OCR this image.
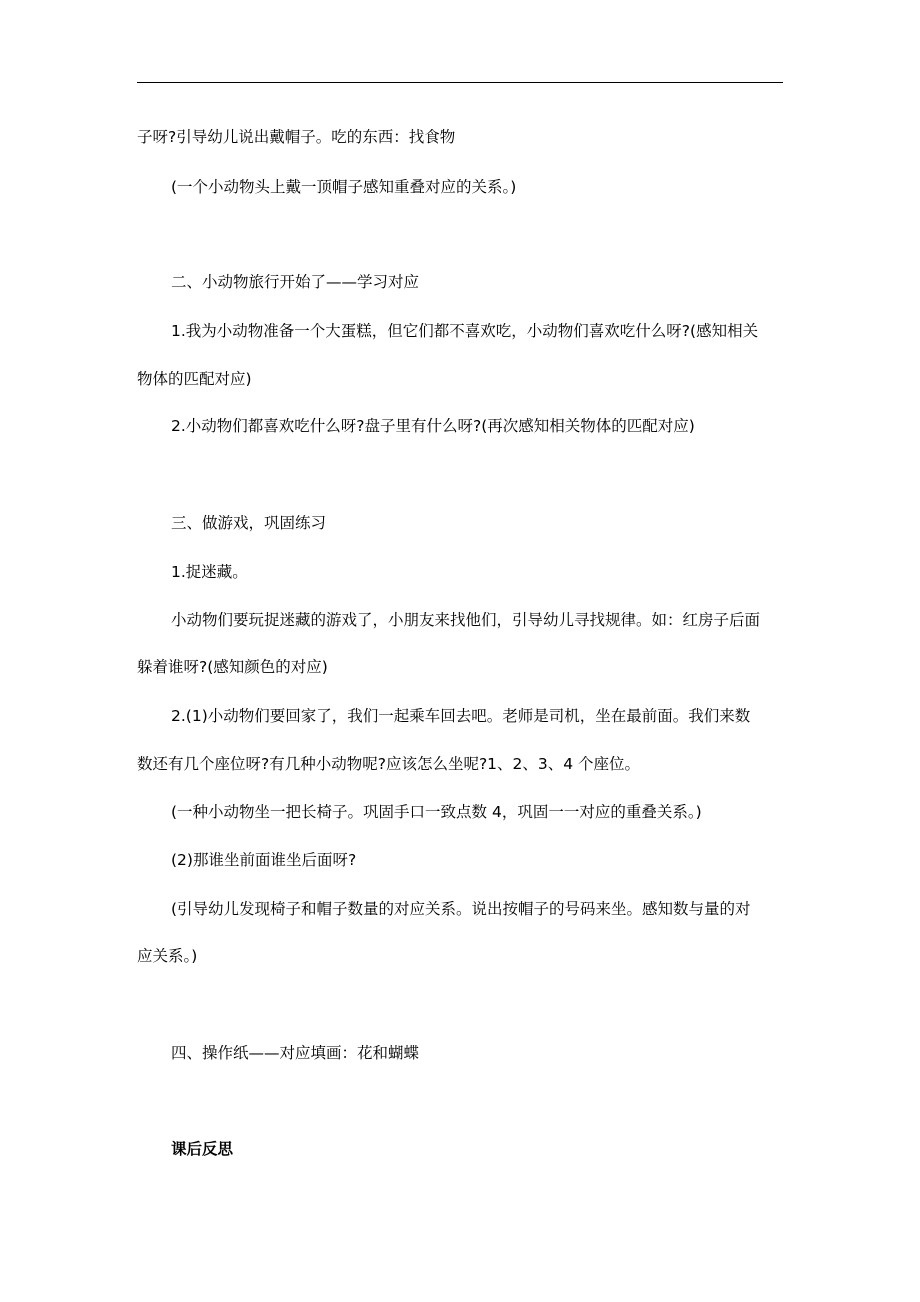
子呀?引导幼儿说出戴帽子。吃的东西：找食物
(一个小动物头上戴一顶帽子感知重叠对应的关系。)
二、小动物旅行开始了——学习对应
1.我为小动物准备一个大蛋糕，但它们都不喜欢吃，小动物们喜欢吃什么呀?(感知相关
物体的匹配对应)
2.小动物们都喜欢吃什么呀?盘子里有什么呀?(再次感知相关物体的匹配对应)
三、做游戏，巩固练习
1.捉迷藏。
小动物们要玩捉迷藏的游戏了，小朋友来找他们，引导幼儿寻找规律。如：红房子后面
躲着谁呀?(感知颜色的对应)
2.(1)小动物们要回家了，我们一起乘车回去吧。老师是司机，坐在最前面。我们来数
数还有几个座位呀?有几种小动物呢?应该怎么坐呢?1、2、3、4 个座位。
(一种小动物坐一把长椅子。巩固手口一致点数 4，巩固一一对应的重叠关系。)
(2)那谁坐前面谁坐后面呀?
(引导幼儿发现椅子和帽子数量的对应关系。说出按帽子的号码来坐。感知数与量的对
应关系。)
四、操作纸——对应填画：花和蝴蝶
课后反思
